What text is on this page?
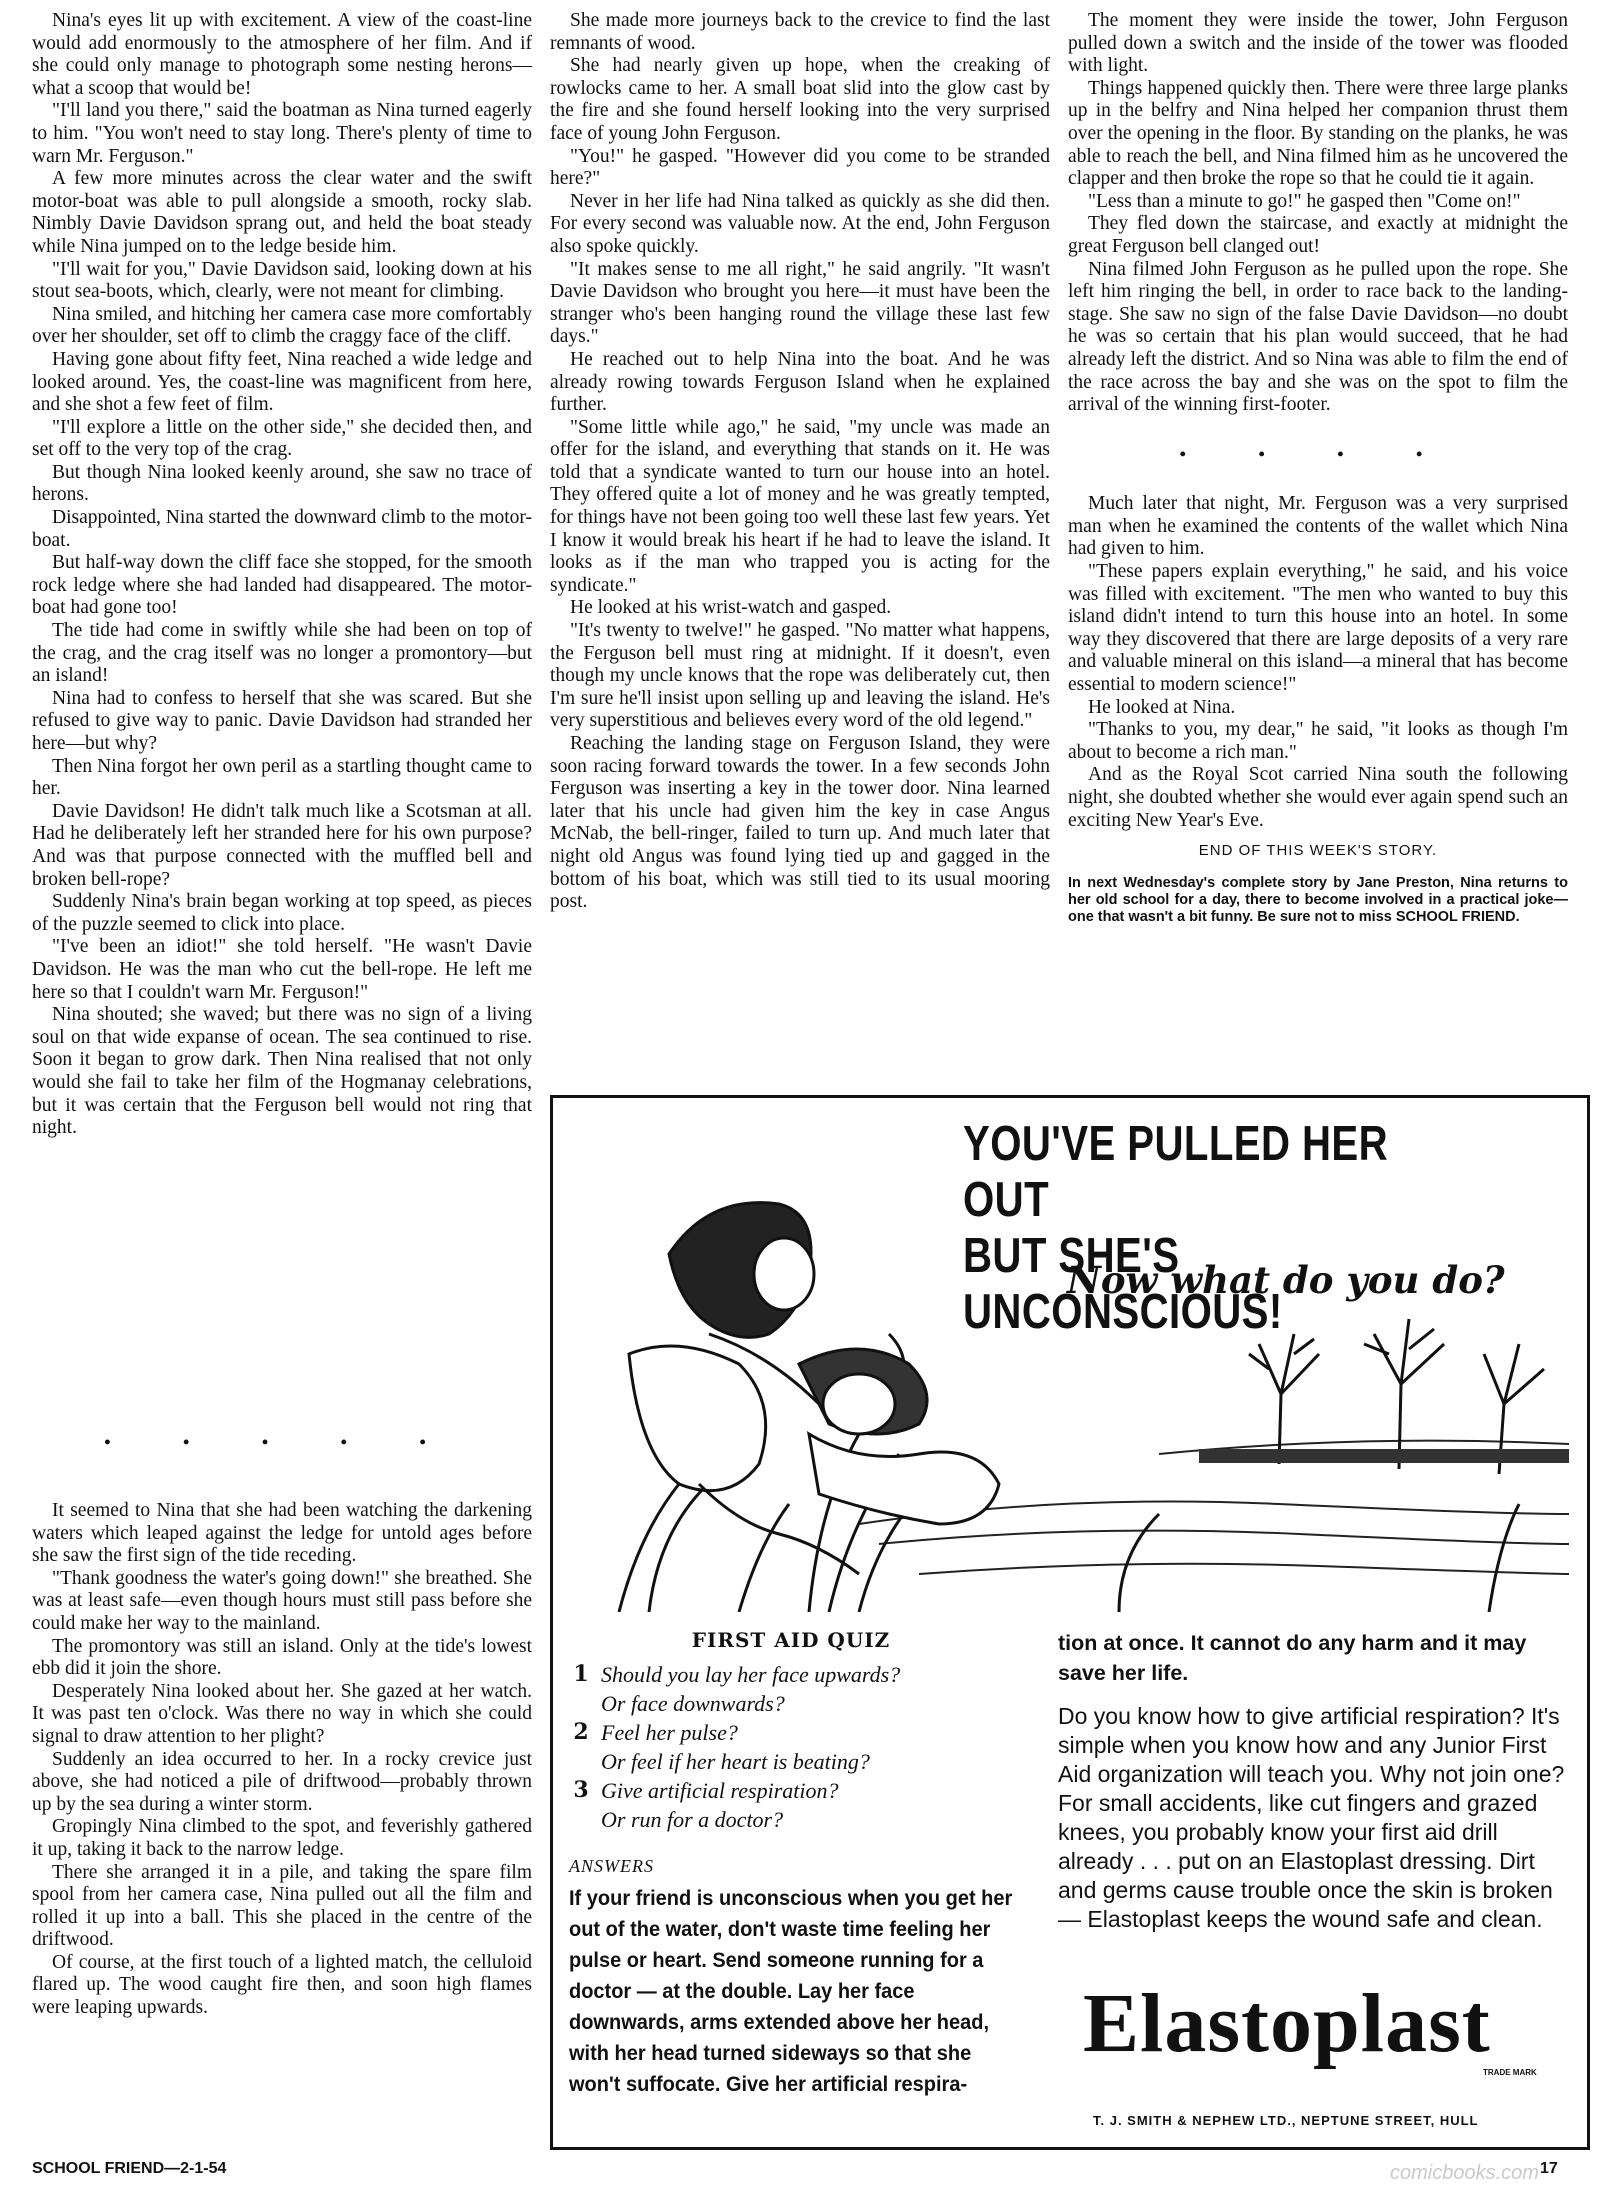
Nina's eyes lit up with excitement. A view of the coast-line would add enormously to the atmosphere of her film. And if she could only manage to photograph some nesting herons—what a scoop that would be!

"I'll land you there," said the boatman as Nina turned eagerly to him. "You won't need to stay long. There's plenty of time to warn Mr. Ferguson."

A few more minutes across the clear water and the swift motor-boat was able to pull alongside a smooth, rocky slab. Nimbly Davie Davidson sprang out, and held the boat steady while Nina jumped on to the ledge beside him.

"I'll wait for you," Davie Davidson said, looking down at his stout sea-boots, which, clearly, were not meant for climbing.

Nina smiled, and hitching her camera case more comfortably over her shoulder, set off to climb the craggy face of the cliff.

Having gone about fifty feet, Nina reached a wide ledge and looked around. Yes, the coast-line was magnificent from here, and she shot a few feet of film.

"I'll explore a little on the other side," she decided then, and set off to the very top of the crag.

But though Nina looked keenly around, she saw no trace of herons.

Disappointed, Nina started the downward climb to the motor-boat.

But half-way down the cliff face she stopped, for the smooth rock ledge where she had landed had disappeared. The motor-boat had gone too!

The tide had come in swiftly while she had been on top of the crag, and the crag itself was no longer a promontory—but an island!

Nina had to confess to herself that she was scared. But she refused to give way to panic. Davie Davidson had stranded her here—but why?

Then Nina forgot her own peril as a startling thought came to her.

Davie Davidson! He didn't talk much like a Scotsman at all. Had he deliberately left her stranded here for his own purpose? And was that purpose connected with the muffled bell and broken bell-rope?

Suddenly Nina's brain began working at top speed, as pieces of the puzzle seemed to click into place.

"I've been an idiot!" she told herself. "He wasn't Davie Davidson. He was the man who cut the bell-rope. He left me here so that I couldn't warn Mr. Ferguson!"

Nina shouted; she waved; but there was no sign of a living soul on that wide expanse of ocean. The sea continued to rise. Soon it began to grow dark. Then Nina realised that not only would she fail to take her film of the Hogmanay celebrations, but it was certain that the Ferguson bell would not ring that night.

• • • • •

It seemed to Nina that she had been watching the darkening waters which leaped against the ledge for untold ages before she saw the first sign of the tide receding.

"Thank goodness the water's going down!" she breathed. She was at least safe—even though hours must still pass before she could make her way to the mainland.

The promontory was still an island. Only at the tide's lowest ebb did it join the shore.

Desperately Nina looked about her. She gazed at her watch. It was past ten o'clock. Was there no way in which she could signal to draw attention to her plight?

Suddenly an idea occurred to her. In a rocky crevice just above, she had noticed a pile of driftwood—probably thrown up by the sea during a winter storm.

Gropingly Nina climbed to the spot, and feverishly gathered it up, taking it back to the narrow ledge.

There she arranged it in a pile, and taking the spare film spool from her camera case, Nina pulled out all the film and rolled it up into a ball. This she placed in the centre of the driftwood.

Of course, at the first touch of a lighted match, the celluloid flared up. The wood caught fire then, and soon high flames were leaping upwards.

She made more journeys back to the crevice to find the last remnants of wood.

She had nearly given up hope, when the creaking of rowlocks came to her. A small boat slid into the glow cast by the fire and she found herself looking into the very surprised face of young John Ferguson.

"You!" he gasped. "However did you come to be stranded here?"

Never in her life had Nina talked as quickly as she did then. For every second was valuable now. At the end, John Ferguson also spoke quickly.

"It makes sense to me all right," he said angrily. "It wasn't Davie Davidson who brought you here—it must have been the stranger who's been hanging round the village these last few days."

He reached out to help Nina into the boat. And he was already rowing towards Ferguson Island when he explained further.

"Some little while ago," he said, "my uncle was made an offer for the island, and everything that stands on it. He was told that a syndicate wanted to turn our house into an hotel. They offered quite a lot of money and he was greatly tempted, for things have not been going too well these last few years. Yet I know it would break his heart if he had to leave the island. It looks as if the man who trapped you is acting for the syndicate."

He looked at his wrist-watch and gasped.

"It's twenty to twelve!" he gasped. "No matter what happens, the Ferguson bell must ring at midnight. If it doesn't, even though my uncle knows that the rope was deliberately cut, then I'm sure he'll insist upon selling up and leaving the island. He's very superstitious and believes every word of the old legend."

Reaching the landing stage on Ferguson Island, they were soon racing forward towards the tower. In a few seconds John Ferguson was inserting a key in the tower door. Nina learned later that his uncle had given him the key in case Angus McNab, the bell-ringer, failed to turn up. And much later that night old Angus was found lying tied up and gagged in the bottom of his boat, which was still tied to its usual mooring post.

The moment they were inside the tower, John Ferguson pulled down a switch and the inside of the tower was flooded with light.

Things happened quickly then. There were three large planks up in the belfry and Nina helped her companion thrust them over the opening in the floor. By standing on the planks, he was able to reach the bell, and Nina filmed him as he uncovered the clapper and then broke the rope so that he could tie it again.

"Less than a minute to go!" he gasped then "Come on!"

They fled down the staircase, and exactly at midnight the great Ferguson bell clanged out!

Nina filmed John Ferguson as he pulled upon the rope. She left him ringing the bell, in order to race back to the landing-stage. She saw no sign of the false Davie Davidson—no doubt he was so certain that his plan would succeed, that he had already left the district. And so Nina was able to film the end of the race across the bay and she was on the spot to film the arrival of the winning first-footer.

• • • •

Much later that night, Mr. Ferguson was a very surprised man when he examined the contents of the wallet which Nina had given to him.

"These papers explain everything," he said, and his voice was filled with excitement. "The men who wanted to buy this island didn't intend to turn this house into an hotel. In some way they discovered that there are large deposits of a very rare and valuable mineral on this island—a mineral that has become essential to modern science!"

He looked at Nina.

"Thanks to you, my dear," he said, "it looks as though I'm about to become a rich man."

And as the Royal Scot carried Nina south the following night, she doubted whether she would ever again spend such an exciting New Year's Eve.

END OF THIS WEEK'S STORY.
In next Wednesday's complete story by Jane Preston, Nina returns to her old school for a day, there to become involved in a practical joke—one that wasn't a bit funny. Be sure not to miss SCHOOL FRIEND.
YOU'VE PULLED HER OUT
BUT SHE'S UNCONSCIOUS!
Now what do you do?
FIRST AID QUIZ
1 Should you lay her face upwards?
Or face downwards?
2 Feel her pulse?
Or feel if her heart is beating?
3 Give artificial respiration?
Or run for a doctor?
ANSWERS
If your friend is unconscious when you get her out of the water, don't waste time feeling her pulse or heart. Send someone running for a doctor — at the double. Lay her face downwards, arms extended above her head, with her head turned sideways so that she won't suffocate. Give her artificial respira-
tion at once. It cannot do any harm and it may save her life.
Do you know how to give artificial respiration? It's simple when you know how and any Junior First Aid organization will teach you. Why not join one? For small accidents, like cut fingers and grazed knees, you probably know your first aid drill already . . . put on an Elastoplast dressing. Dirt and germs cause trouble once the skin is broken — Elastoplast keeps the wound safe and clean.
Elastoplast
TRADE MARK
T. J. SMITH & NEPHEW LTD., NEPTUNE STREET, HULL
SCHOOL FRIEND—2-1-54	comicbooks.com 17
